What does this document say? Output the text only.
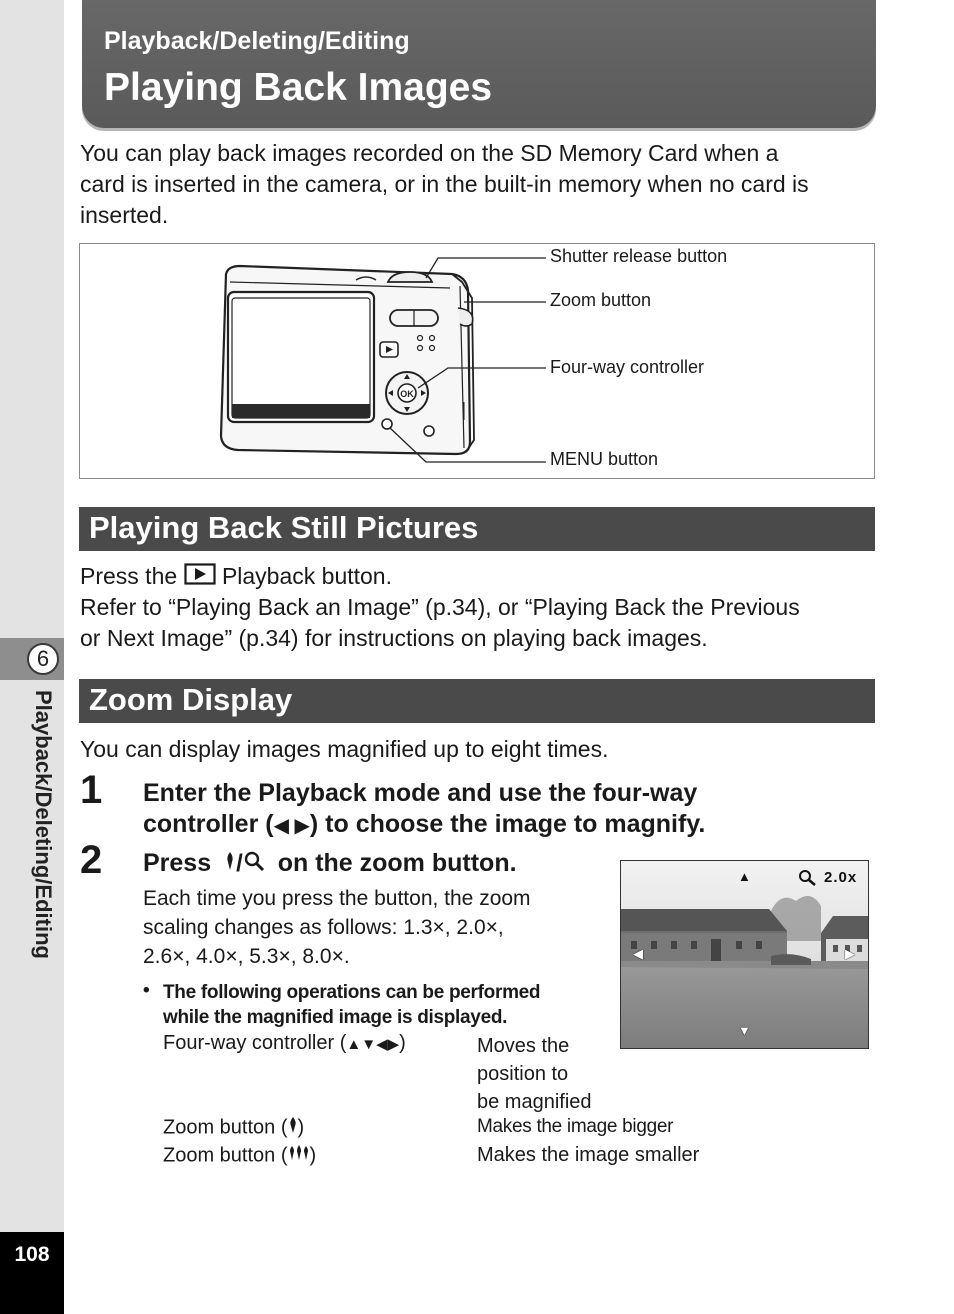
6
Playback/Deleting/Editing
108
Playback/Deleting/Editing
Playing Back Images
You can play back images recorded on the SD Memory Card when a
card is inserted in the camera, or in the built-in memory when no card is
inserted.
OK
Shutter release button
Zoom button
Four-way controller
MENU button
Playing Back Still Pictures
Press the Playback button.
Refer to “Playing Back an Image” (p.34), or “Playing Back the Previous
or Next Image” (p.34) for instructions on playing back images.
Zoom Display
You can display images magnified up to eight times.
1 Enter the Playback mode and use the four-way
controller (◀ ▶) to choose the image to magnify.
2 Press / on the zoom button.
Each time you press the button, the zoom
scaling changes as follows: 1.3×, 2.0×,
2.6×, 4.0×, 5.3×, 8.0×.
• The following operations can be performed
while the magnified image is displayed.
▲	2.0x
◀	▶
▼
Four-way controller (▲▼◀▶)	Moves the
position to
be magnified
Zoom button ( )	Makes the image bigger
Zoom button ( )	Makes the image smaller
